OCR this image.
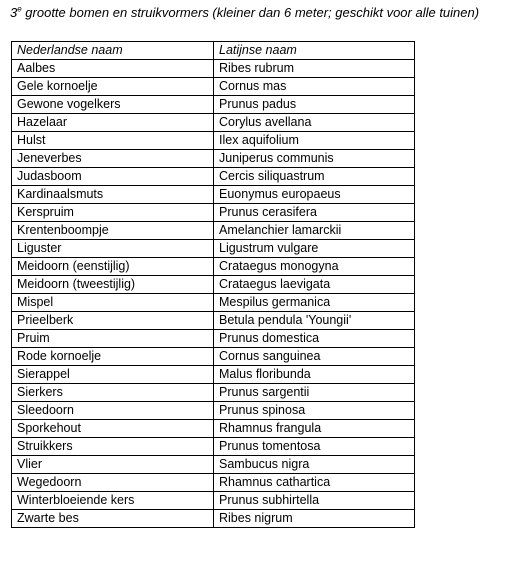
3e grootte bomen en struikvormers (kleiner dan 6 meter; geschikt voor alle tuinen)
Nederlandse naam	Latijnse naam
Aalbes	Ribes rubrum
Gele kornoelje	Cornus mas
Gewone vogelkers	Prunus padus
Hazelaar	Corylus avellana
Hulst	Ilex aquifolium
Jeneverbes	Juniperus communis
Judasboom	Cercis siliquastrum
Kardinaalsmuts	Euonymus europaeus
Kerspruim	Prunus cerasifera
Krentenboompje	Amelanchier lamarckii
Liguster	Ligustrum vulgare
Meidoorn (eenstijlig)	Crataegus monogyna
Meidoorn (tweestijlig)	Crataegus laevigata
Mispel	Mespilus germanica
Prieelberk	Betula pendula 'Youngii'
Pruim	Prunus domestica
Rode kornoelje	Cornus sanguinea
Sierappel	Malus floribunda
Sierkers	Prunus sargentii
Sleedoorn	Prunus spinosa
Sporkehout	Rhamnus frangula
Struikkers	Prunus tomentosa
Vlier	Sambucus nigra
Wegedoorn	Rhamnus cathartica
Winterbloeiende kers	Prunus subhirtella
Zwarte bes	Ribes nigrum
